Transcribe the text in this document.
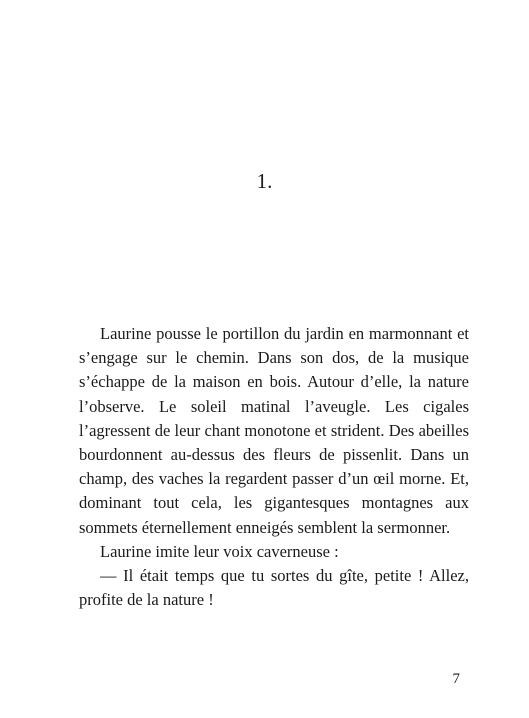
1.

Laurine pousse le portillon du jardin en marmonnant et s’engage sur le chemin. Dans son dos, de la musique s’échappe de la maison en bois. Autour d’elle, la nature l’observe. Le soleil matinal l’aveugle. Les cigales l’agressent de leur chant monotone et strident. Des abeilles bourdonnent au-dessus des fleurs de pissenlit. Dans un champ, des vaches la regardent passer d’un œil morne. Et, dominant tout cela, les gigantesques montagnes aux sommets éternellement enneigés semblent la sermonner.

Laurine imite leur voix caverneuse :

— Il était temps que tu sortes du gîte, petite ! Allez, profite de la nature !

7
